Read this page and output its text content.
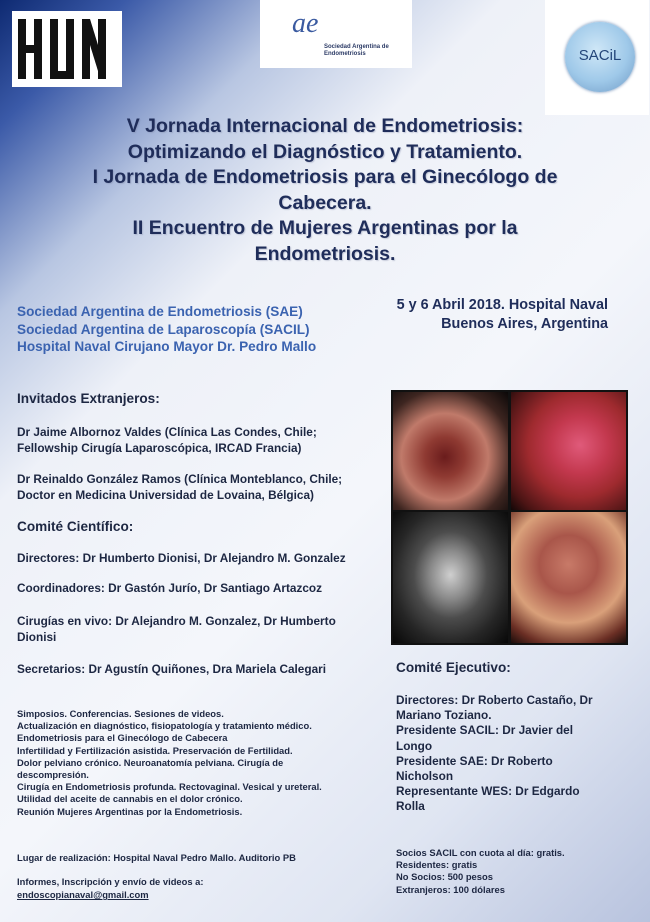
ae
Sociedad Argentina de Endometriosis	SACiL
V Jornada Internacional de Endometriosis:
Optimizando el Diagnóstico y Tratamiento.
I Jornada de Endometriosis para el Ginecólogo de
Cabecera.
II Encuentro de Mujeres Argentinas por la
Endometriosis.
Sociedad Argentina de Endometriosis (SAE)
Sociedad Argentina de Laparoscopía (SACIL)
Hospital Naval Cirujano Mayor Dr. Pedro Mallo
5 y 6 Abril 2018. Hospital Naval
Buenos Aires, Argentina
Invitados Extranjeros:
Dr Jaime Albornoz Valdes (Clínica Las Condes, Chile;
Fellowship Cirugía Laparoscópica, IRCAD Francia)
Dr Reinaldo González Ramos (Clínica Monteblanco, Chile;
Doctor en Medicina Universidad de Lovaina, Bélgica)
Comité Científico:
Directores: Dr Humberto Dionisi, Dr Alejandro M. Gonzalez
Coordinadores: Dr Gastón Jurío, Dr Santiago Artazcoz
Cirugías en vivo: Dr Alejandro M. Gonzalez, Dr Humberto
Dionisi
Secretarios: Dr Agustín Quiñones, Dra Mariela Calegari	Comité Ejecutivo:
Directores: Dr Roberto Castaño, Dr
Mariano Toziano.
Presidente SACIL: Dr Javier del
Longo
Presidente SAE: Dr Roberto
Nicholson
Representante WES: Dr Edgardo
Rolla
Simposios. Conferencias. Sesiones de videos.
Actualización en diagnóstico, fisiopatología y tratamiento médico.
Endometriosis para el Ginecólogo de Cabecera
Infertilidad y Fertilización asistida. Preservación de Fertilidad.
Dolor pelviano crónico. Neuroanatomía pelviana. Cirugía de
descompresión.
Cirugía en Endometriosis profunda. Rectovaginal. Vesical y ureteral.
Utilidad del aceite de cannabis en el dolor crónico.
Reunión Mujeres Argentinas por la Endometriosis.
Lugar de realización: Hospital Naval Pedro Mallo. Auditorio PB
Informes, Inscripción y envío de videos a:
endoscopianaval@gmail.com
Socios SACIL con cuota al día: gratis.
Residentes: gratis
No Socios: 500 pesos
Extranjeros: 100 dólares
